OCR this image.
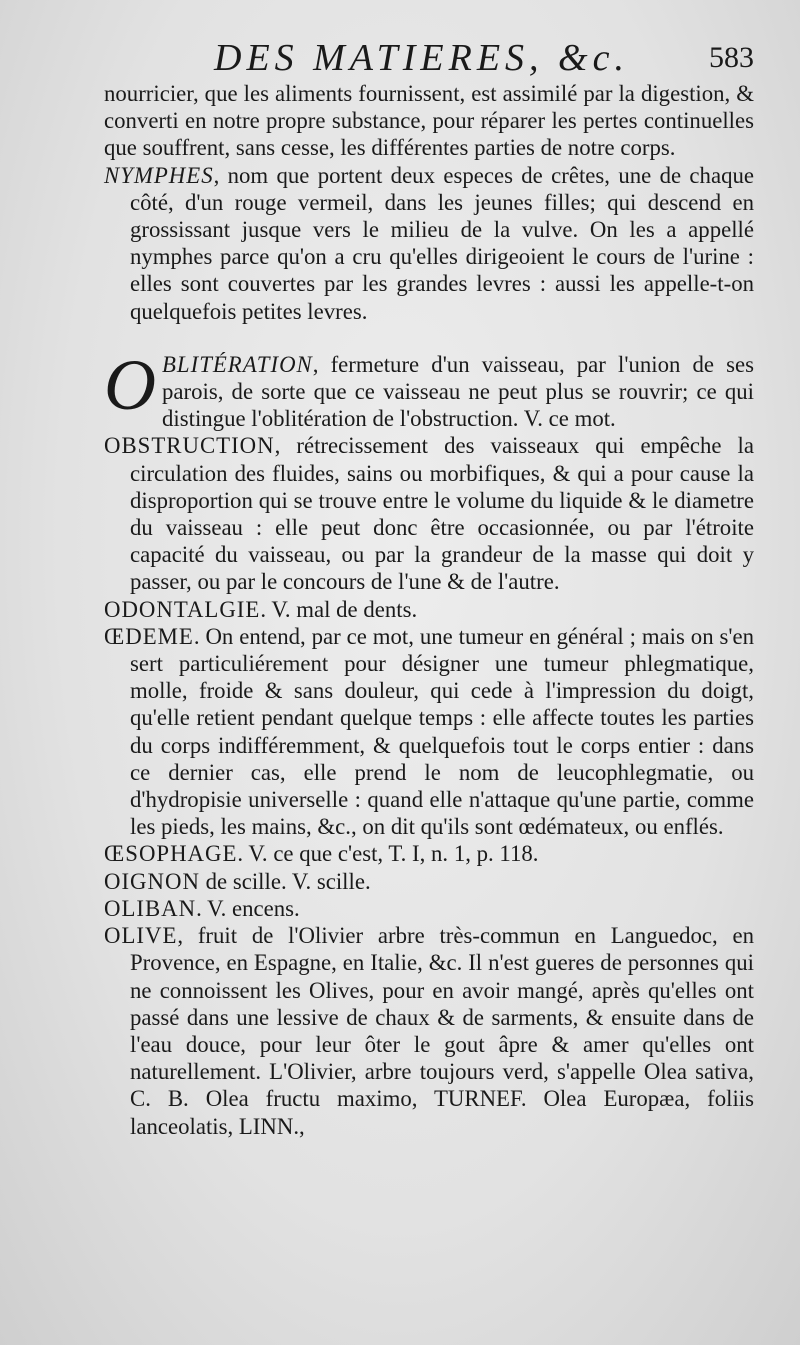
DES MATIERES, &c.	583

nourricier, que les aliments fournissent, est assimilé par la digestion, & converti en notre propre substance, pour réparer les pertes continuelles que souffrent, sans cesse, les différentes parties de notre corps.

NYMPHES, nom que portent deux especes de crêtes, une de chaque côté, d'un rouge vermeil, dans les jeunes filles; qui descend en grossissant jusque vers le milieu de la vulve. On les a appellé nymphes parce qu'on a cru qu'elles dirigeoient le cours de l'urine : elles sont couvertes par les grandes levres : aussi les appelle-t-on quelquefois petites levres.

OBLITÉRATION, fermeture d'un vaisseau, par l'union de ses parois, de sorte que ce vaisseau ne peut plus se rouvrir; ce qui distingue l'oblitération de l'obstruction. V. ce mot.

OBSTRUCTION, rétrecissement des vaisseaux qui empêche la circulation des fluides, sains ou morbifiques, & qui a pour cause la disproportion qui se trouve entre le volume du liquide & le diametre du vaisseau : elle peut donc être occasionnée, ou par l'étroite capacité du vaisseau, ou par la grandeur de la masse qui doit y passer, ou par le concours de l'une & de l'autre.

ODONTALGIE. V. mal de dents.

ŒDEME. On entend, par ce mot, une tumeur en général ; mais on s'en sert particuliérement pour désigner une tumeur phlegmatique, molle, froide & sans douleur, qui cede à l'impression du doigt, qu'elle retient pendant quelque temps : elle affecte toutes les parties du corps indifféremment, & quelquefois tout le corps entier : dans ce dernier cas, elle prend le nom de leucophlegmatie, ou d'hydropisie universelle : quand elle n'attaque qu'une partie, comme les pieds, les mains, &c., on dit qu'ils sont œdémateux, ou enflés.

ŒSOPHAGE. V. ce que c'est, T. I, n. 1, p. 118.

OIGNON de scille. V. scille.

OLIBAN. V. encens.

OLIVE, fruit de l'Olivier arbre très-commun en Languedoc, en Provence, en Espagne, en Italie, &c. Il n'est gueres de personnes qui ne connoissent les Olives, pour en avoir mangé, après qu'elles ont passé dans une lessive de chaux & de sarments, & ensuite dans de l'eau douce, pour leur ôter le gout âpre & amer qu'elles ont naturellement. L'Olivier, arbre toujours verd, s'appelle Olea sativa, C. B. Olea fructu maximo, TURNEF. Olea Europæa, foliis lanceolatis, LINN.,
